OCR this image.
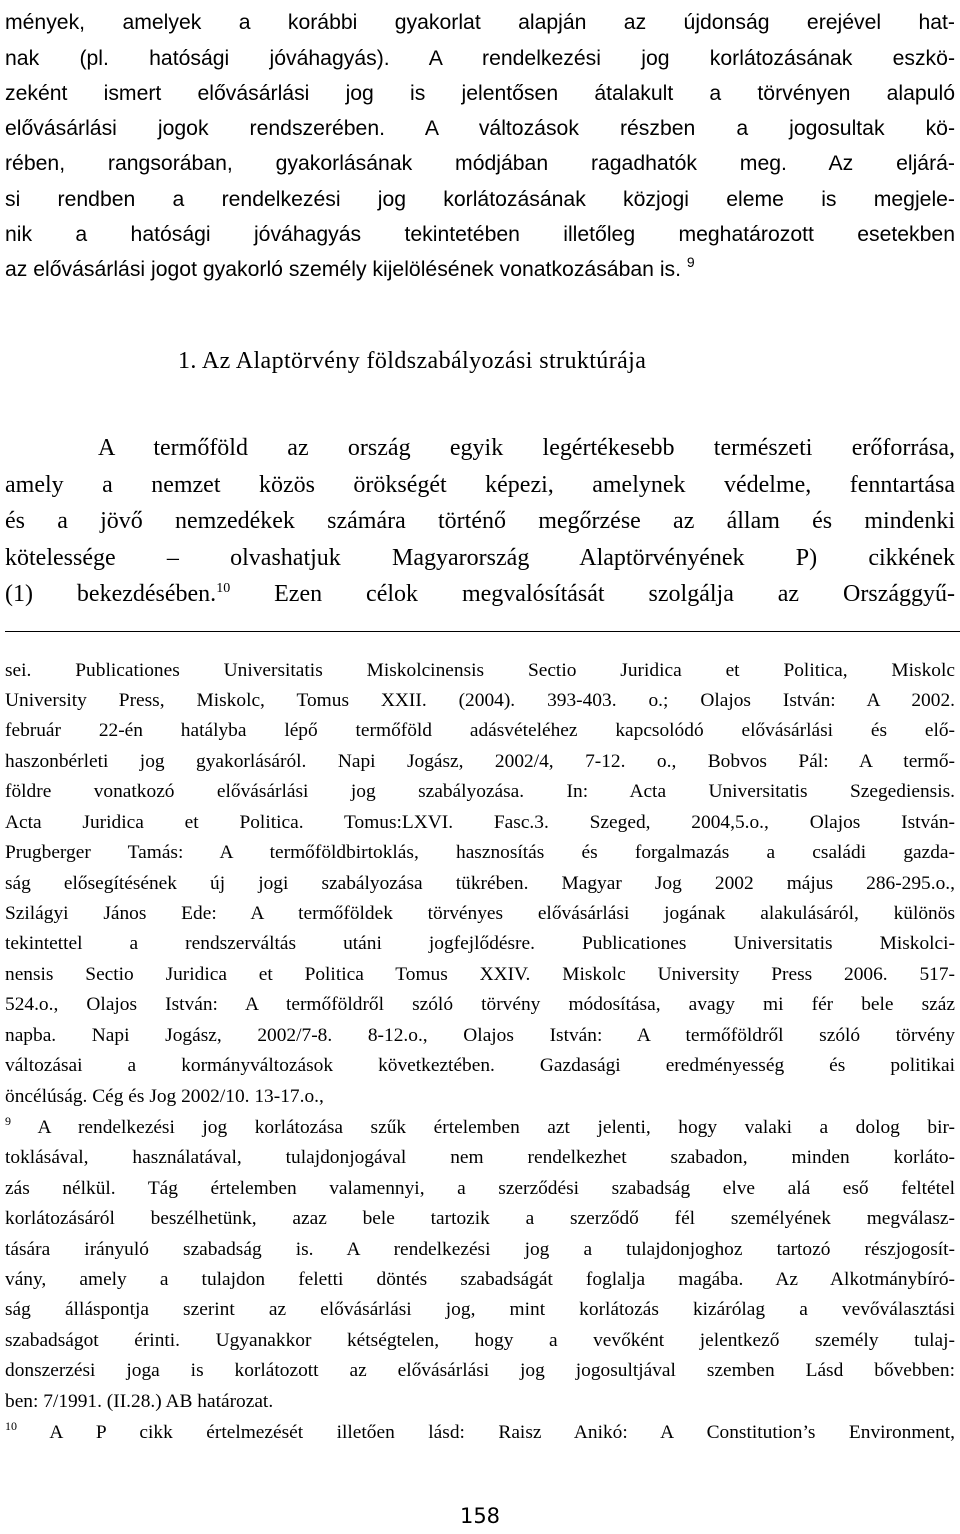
mények, amelyek a korábbi gyakorlat alapján az újdonság erejével hat-
nak (pl. hatósági jóváhagyás). A rendelkezési jog korlátozásának eszkö-
zeként ismert elővásárlási jog is jelentősen átalakult a törvényen alapuló
elővásárlási jogok rendszerében. A változások részben a jogosultak kö-
rében, rangsorában, gyakorlásának módjában ragadhatók meg. Az eljárá-
si rendben a rendelkezési jog korlátozásának közjogi eleme is megjele-
nik a hatósági jóváhagyás tekintetében illetőleg meghatározott esetekben
az elővásárlási jogot gyakorló személy kijelölésének vonatkozásában is. $^9$
1. Az Alaptörvény földszabályozási struktúrája
A termőföld az ország egyik legértékesebb természeti erőforrása,
amely a nemzet közös örökségét képezi, amelynek védelme, fenntartása
és a jövő nemzedékek számára történő megőrzése az állam és mindenki
kötelessége – olvashatjuk Magyarország Alaptörvényének P) cikkének
(1) bekezdésében.$^{10}$ Ezen célok megvalósítását szolgálja az Országgyű-
sei. Publicationes Universitatis Miskolcinensis Sectio Juridica et Politica, Miskolc
University Press, Miskolc, Tomus XXII. (2004). 393-403. o.; Olajos István: A 2002.
február 22-én hatályba lépő termőföld adásvételéhez kapcsolódó elővásárlási és elő-
haszonbérleti jog gyakorlásáról. Napi Jogász, 2002/4, 7-12. o., Bobvos Pál: A termő-
földre vonatkozó elővásárlási jog szabályozása. In: Acta Universitatis Szegediensis.
Acta Juridica et Politica. Tomus:LXVI. Fasc.3. Szeged, 2004,5.o., Olajos István-
Prugberger Tamás: A termőföldbirtoklás, hasznosítás és forgalmazás a családi gazda-
ság elősegítésének új jogi szabályozása tükrében. Magyar Jog 2002 május 286-295.o.,
Szilágyi János Ede: A termőföldek törvényes elővásárlási jogának alakulásáról, különös
tekintettel a rendszerváltás utáni jogfejlődésre. Publicationes Universitatis Miskolci-
nensis Sectio Juridica et Politica Tomus XXIV. Miskolc University Press 2006. 517-
524.o., Olajos István: A termőföldről szóló törvény módosítása, avagy mi fér bele száz
napba. Napi Jogász, 2002/7-8. 8-12.o., Olajos István: A termőföldről szóló törvény
változásai a kormányváltozások következtében. Gazdasági eredményesség és politikai
öncélúság. Cég és Jog 2002/10. 13-17.o.,
$^9$ A rendelkezési jog korlátozása szűk értelemben azt jelenti, hogy valaki a dolog bir-
toklásával, használatával, tulajdonjogával nem rendelkezhet szabadon, minden korláto-
zás nélkül. Tág értelemben valamennyi, a szerződési szabadság elve alá eső feltétel
korlátozásáról beszélhetünk, azaz bele tartozik a szerződő fél személyének megválasz-
tására irányuló szabadság is. A rendelkezési jog a tulajdonjoghoz tartozó részjogosít-
vány, amely a tulajdon feletti döntés szabadságát foglalja magába. Az Alkotmánybíró-
ság álláspontja szerint az elővásárlási jog, mint korlátozás kizárólag a vevőválasztási
szabadságot érinti. Ugyanakkor kétségtelen, hogy a vevőként jelentkező személy tulaj-
donszerzési joga is korlátozott az elővásárlási jog jogosultjával szemben Lásd bővebben:
ben: 7/1991. (II.28.) AB határozat.
$^{10}$ A P cikk értelmezését illetően lásd: Raisz Anikó: A Constitution’s Environment,
158
